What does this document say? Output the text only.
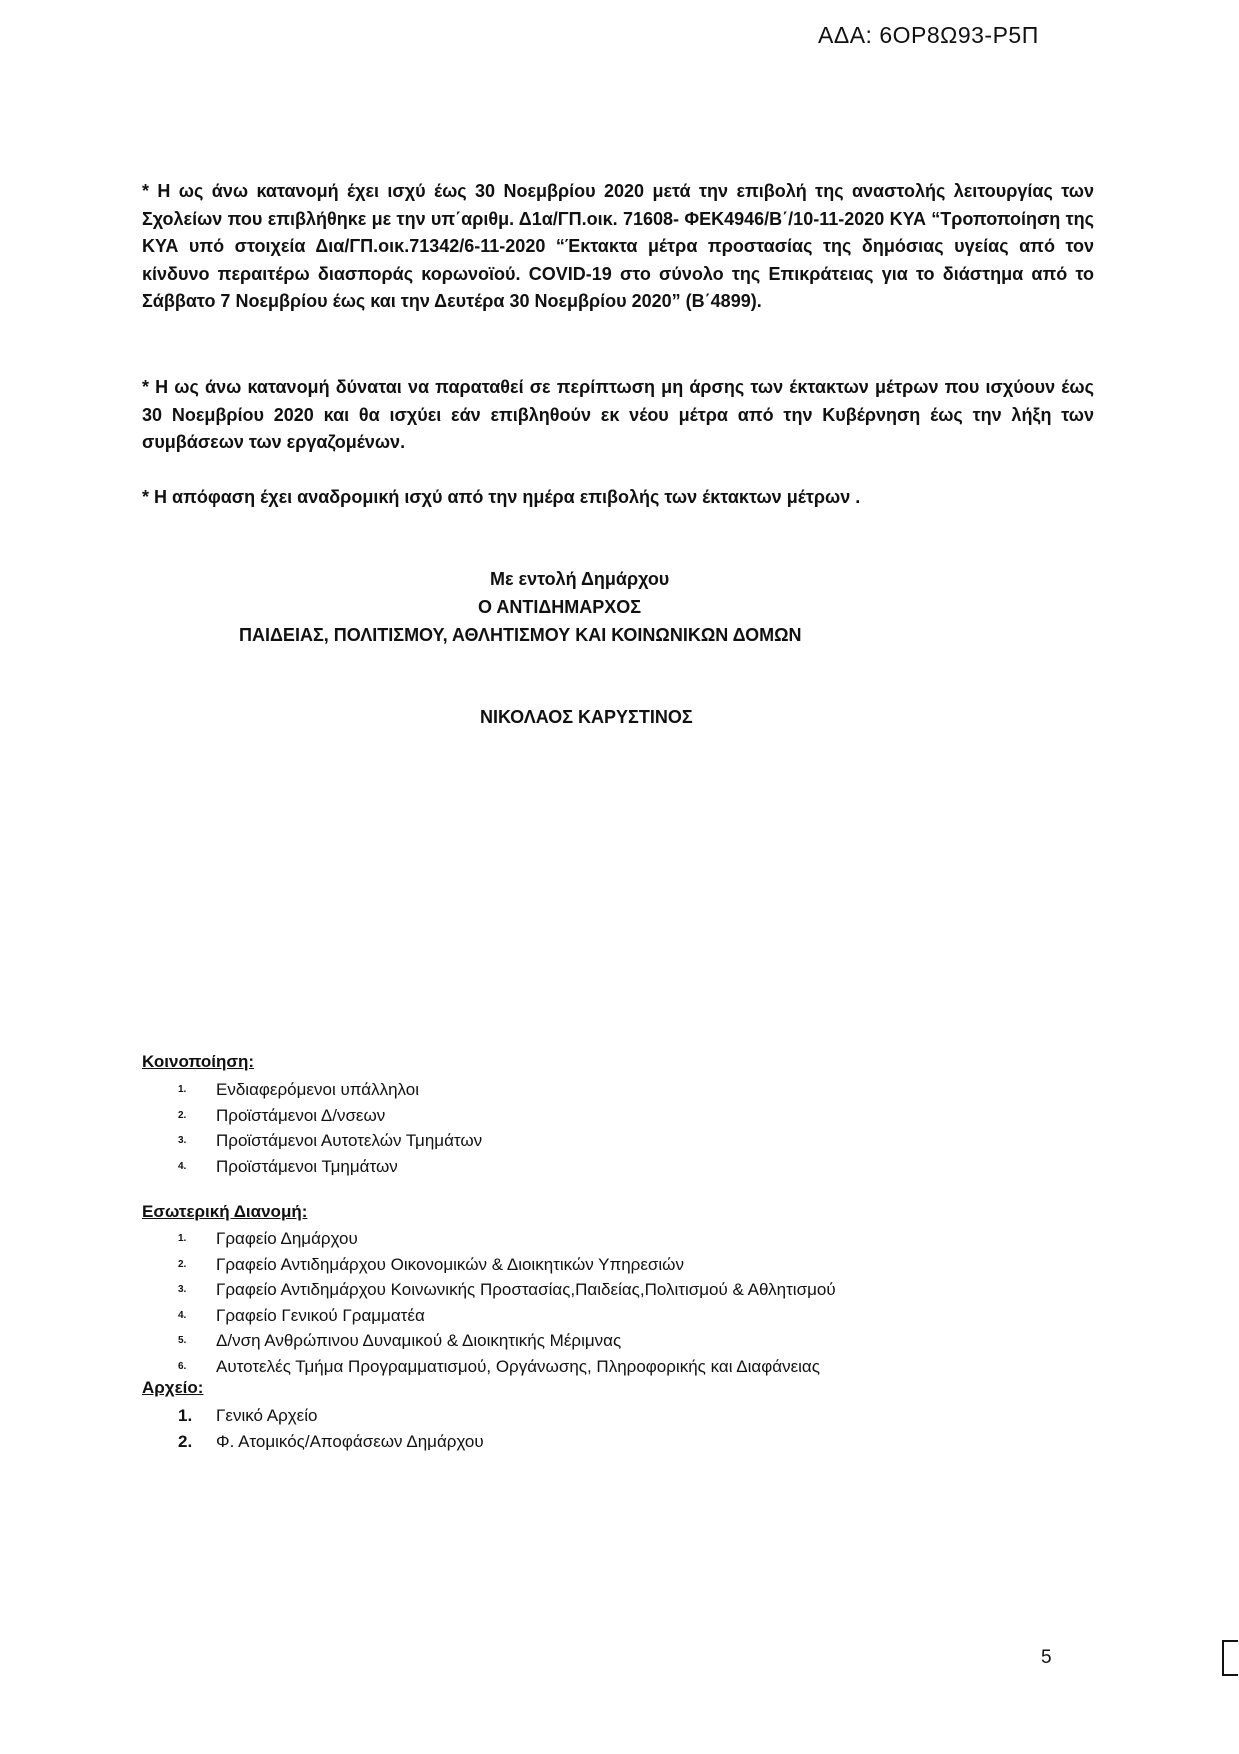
ΑΔΑ: 6ΟΡ8Ω93-Ρ5Π
* Η ως άνω κατανομή έχει ισχύ έως 30 Νοεμβρίου 2020 μετά την επιβολή της αναστολής λειτουργίας των Σχολείων που επιβλήθηκε με την υπ΄αριθμ. Δ1α/ΓΠ.οικ. 71608- ΦΕΚ4946/Β΄/10-11-2020 ΚΥΑ “Τροποποίηση της ΚΥΑ υπό στοιχεία Δια/ΓΠ.οικ.71342/6-11-2020 “Έκτακτα μέτρα προστασίας της δημόσιας υγείας από τον κίνδυνο περαιτέρω διασποράς κορωνοϊού. COVID-19 στο σύνολο της Επικράτειας για το διάστημα από το Σάββατο 7 Νοεμβρίου έως και την Δευτέρα 30 Νοεμβρίου 2020” (Β΄4899).
* Η ως άνω κατανομή δύναται να παραταθεί σε περίπτωση μη άρσης των έκτακτων μέτρων που ισχύουν έως 30 Νοεμβρίου 2020 και θα ισχύει εάν επιβληθούν εκ νέου μέτρα από την Κυβέρνηση έως την λήξη των συμβάσεων των εργαζομένων.
* Η απόφαση έχει αναδρομική ισχύ από την ημέρα επιβολής των έκτακτων μέτρων .
Με εντολή Δημάρχου
Ο ΑΝΤΙΔΗΜΑΡΧΟΣ
ΠΑΙΔΕΙΑΣ, ΠΟΛΙΤΙΣΜΟΥ, ΑΘΛΗΤΙΣΜΟΥ ΚΑΙ ΚΟΙΝΩΝΙΚΩΝ ΔΟΜΩΝ
ΝΙΚΟΛΑΟΣ ΚΑΡΥΣΤΙΝΟΣ
Κοινοποίηση:
1. Ενδιαφερόμενοι υπάλληλοι
2. Προϊστάμενοι Δ/νσεων
3. Προϊστάμενοι Αυτοτελών Τμημάτων
4. Προϊστάμενοι Τμημάτων
Εσωτερική Διανομή:
1. Γραφείο Δημάρχου
2. Γραφείο Αντιδημάρχου Οικονομικών & Διοικητικών Υπηρεσιών
3. Γραφείο Αντιδημάρχου Κοινωνικής Προστασίας,Παιδείας,Πολιτισμού & Αθλητισμού
4. Γραφείο Γενικού Γραμματέα
5. Δ/νση Ανθρώπινου Δυναμικού & Διοικητικής Μέριμνας
6. Αυτοτελές Τμήμα Προγραμματισμού, Οργάνωσης, Πληροφορικής και Διαφάνειας
Αρχείο:
1. Γενικό Αρχείο
2. Φ. Ατομικός/Αποφάσεων Δημάρχου
5
